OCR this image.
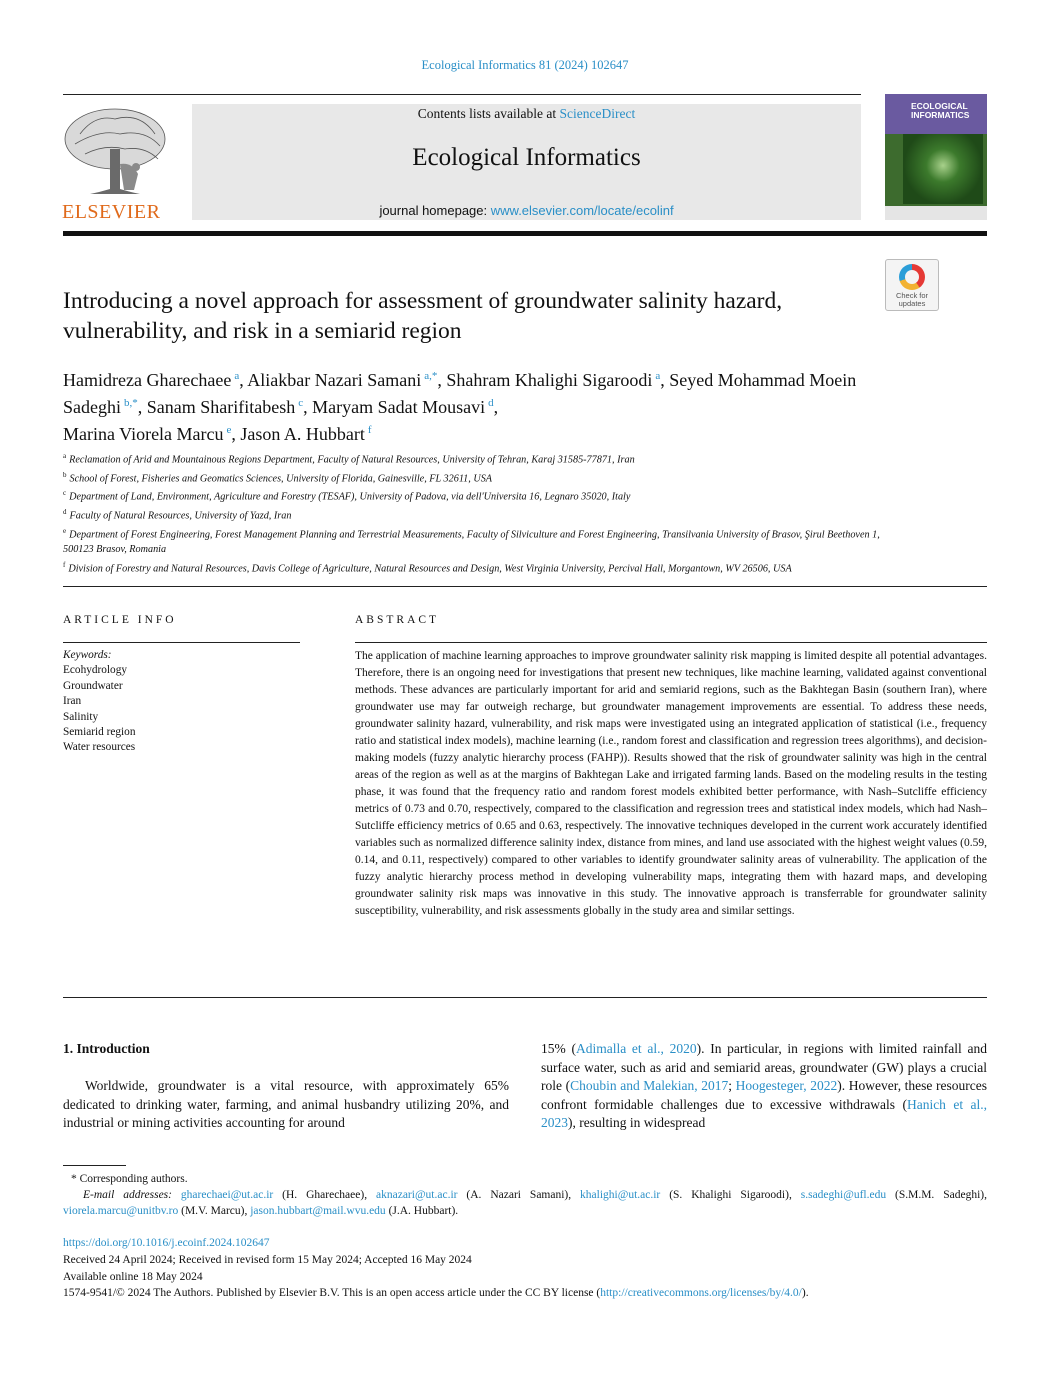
Ecological Informatics 81 (2024) 102647
ELSEVIER
Contents lists available at ScienceDirect
Ecological Informatics
journal homepage: www.elsevier.com/locate/ecolinf
ECOLOGICAL INFORMATICS
Check for updates
Introducing a novel approach for assessment of groundwater salinity hazard, vulnerability, and risk in a semiarid region
Hamidreza Gharechaee $^a$, Aliakbar Nazari Samani $^{a,*}$, Shahram Khalighi Sigaroodi $^a$, Seyed Mohammad Moein Sadeghi $^{b,*}$, Sanam Sharifitabesh $^c$, Maryam Sadat Mousavi $^d$,
Marina Viorela Marcu $^e$, Jason A. Hubbart $^f$
$^a$ Reclamation of Arid and Mountainous Regions Department, Faculty of Natural Resources, University of Tehran, Karaj 31585-77871, Iran
$^b$ School of Forest, Fisheries and Geomatics Sciences, University of Florida, Gainesville, FL 32611, USA
$^c$ Department of Land, Environment, Agriculture and Forestry (TESAF), University of Padova, via dell'Universita 16, Legnaro 35020, Italy
$^d$ Faculty of Natural Resources, University of Yazd, Iran
$^e$ Department of Forest Engineering, Forest Management Planning and Terrestrial Measurements, Faculty of Silviculture and Forest Engineering, Transilvania University of Brasov, Şirul Beethoven 1, 500123 Brasov, Romania
$^f$ Division of Forestry and Natural Resources, Davis College of Agriculture, Natural Resources and Design, West Virginia University, Percival Hall, Morgantown, WV 26506, USA
ARTICLE INFO
Keywords:
Ecohydrology
Groundwater
Iran
Salinity
Semiarid region
Water resources
ABSTRACT
The application of machine learning approaches to improve groundwater salinity risk mapping is limited despite all potential advantages. Therefore, there is an ongoing need for investigations that present new techniques, like machine learning, validated against conventional methods. These advances are particularly important for arid and semiarid regions, such as the Bakhtegan Basin (southern Iran), where groundwater use may far outweigh recharge, but groundwater management improvements are essential. To address these needs, groundwater salinity hazard, vulnerability, and risk maps were investigated using an integrated application of statistical (i.e., frequency ratio and statistical index models), machine learning (i.e., random forest and classification and regression trees algorithms), and decision-making models (fuzzy analytic hierarchy process (FAHP)). Results showed that the risk of groundwater salinity was high in the central areas of the region as well as at the margins of Bakhtegan Lake and irrigated farming lands. Based on the modeling results in the testing phase, it was found that the frequency ratio and random forest models exhibited better performance, with Nash–Sutcliffe efficiency metrics of 0.73 and 0.70, respectively, compared to the classification and regression trees and statistical index models, which had Nash–Sutcliffe efficiency metrics of 0.65 and 0.63, respectively. The innovative techniques developed in the current work accurately identified variables such as normalized difference salinity index, distance from mines, and land use associated with the highest weight values (0.59, 0.14, and 0.11, respectively) compared to other variables to identify groundwater salinity areas of vulnerability. The application of the fuzzy analytic hierarchy process method in developing vulnerability maps, integrating them with hazard maps, and developing groundwater salinity risk maps was innovative in this study. The innovative approach is transferrable for groundwater salinity susceptibility, vulnerability, and risk assessments globally in the study area and similar settings.
1. Introduction
Worldwide, groundwater is a vital resource, with approximately 65% dedicated to drinking water, farming, and animal husbandry utilizing 20%, and industrial or mining activities accounting for around
15% (Adimalla et al., 2020). In particular, in regions with limited rainfall and surface water, such as arid and semiarid areas, groundwater (GW) plays a crucial role (Choubin and Malekian, 2017; Hoogesteger, 2022). However, these resources confront formidable challenges due to excessive withdrawals (Hanich et al., 2023), resulting in widespread
* Corresponding authors.
E-mail addresses: gharechaei@ut.ac.ir (H. Gharechaee), aknazari@ut.ac.ir (A. Nazari Samani), khalighi@ut.ac.ir (S. Khalighi Sigaroodi), s.sadeghi@ufl.edu (S.M.M. Sadeghi), viorela.marcu@unitbv.ro (M.V. Marcu), jason.hubbart@mail.wvu.edu (J.A. Hubbart).
https://doi.org/10.1016/j.ecoinf.2024.102647
Received 24 April 2024; Received in revised form 15 May 2024; Accepted 16 May 2024
Available online 18 May 2024
1574-9541/© 2024 The Authors. Published by Elsevier B.V. This is an open access article under the CC BY license (http://creativecommons.org/licenses/by/4.0/).
